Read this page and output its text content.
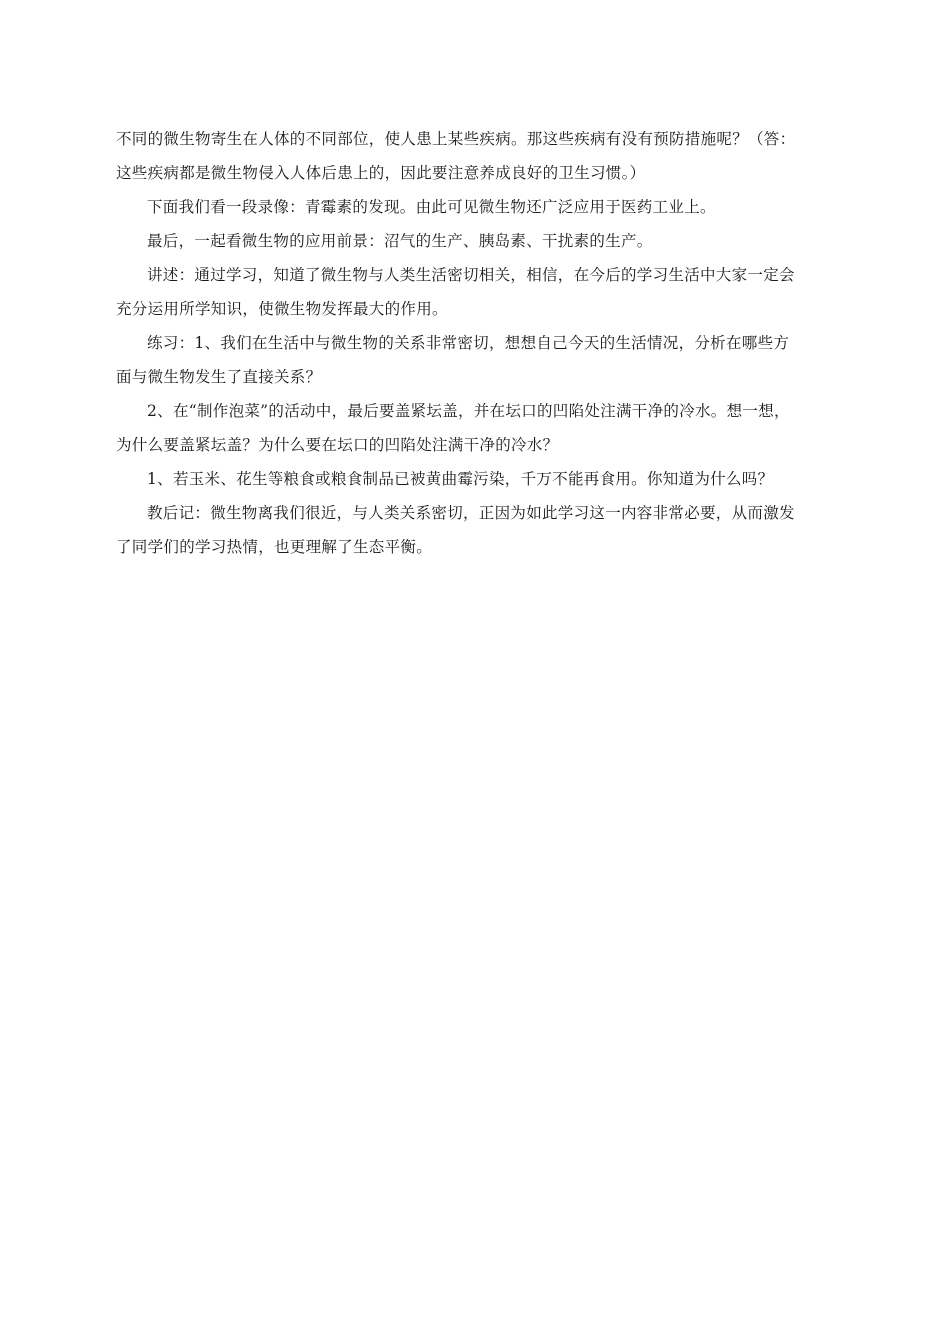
不同的微生物寄生在人体的不同部位，使人患上某些疾病。那这些疾病有没有预防措施呢？（答：
这些疾病都是微生物侵入人体后患上的，因此要注意养成良好的卫生习惯。）
下面我们看一段录像：青霉素的发现。由此可见微生物还广泛应用于医药工业上。
最后，一起看微生物的应用前景：沼气的生产、胰岛素、干扰素的生产。
讲述：通过学习，知道了微生物与人类生活密切相关，相信，在今后的学习生活中大家一定会
充分运用所学知识，使微生物发挥最大的作用。
练习：1、我们在生活中与微生物的关系非常密切，想想自己今天的生活情况，分析在哪些方
面与微生物发生了直接关系？
2、在“制作泡菜”的活动中，最后要盖紧坛盖，并在坛口的凹陷处注满干净的冷水。想一想，
为什么要盖紧坛盖？为什么要在坛口的凹陷处注满干净的冷水？
1、若玉米、花生等粮食或粮食制品已被黄曲霉污染，千万不能再食用。你知道为什么吗？
教后记：微生物离我们很近，与人类关系密切，正因为如此学习这一内容非常必要，从而激发
了同学们的学习热情，也更理解了生态平衡。
